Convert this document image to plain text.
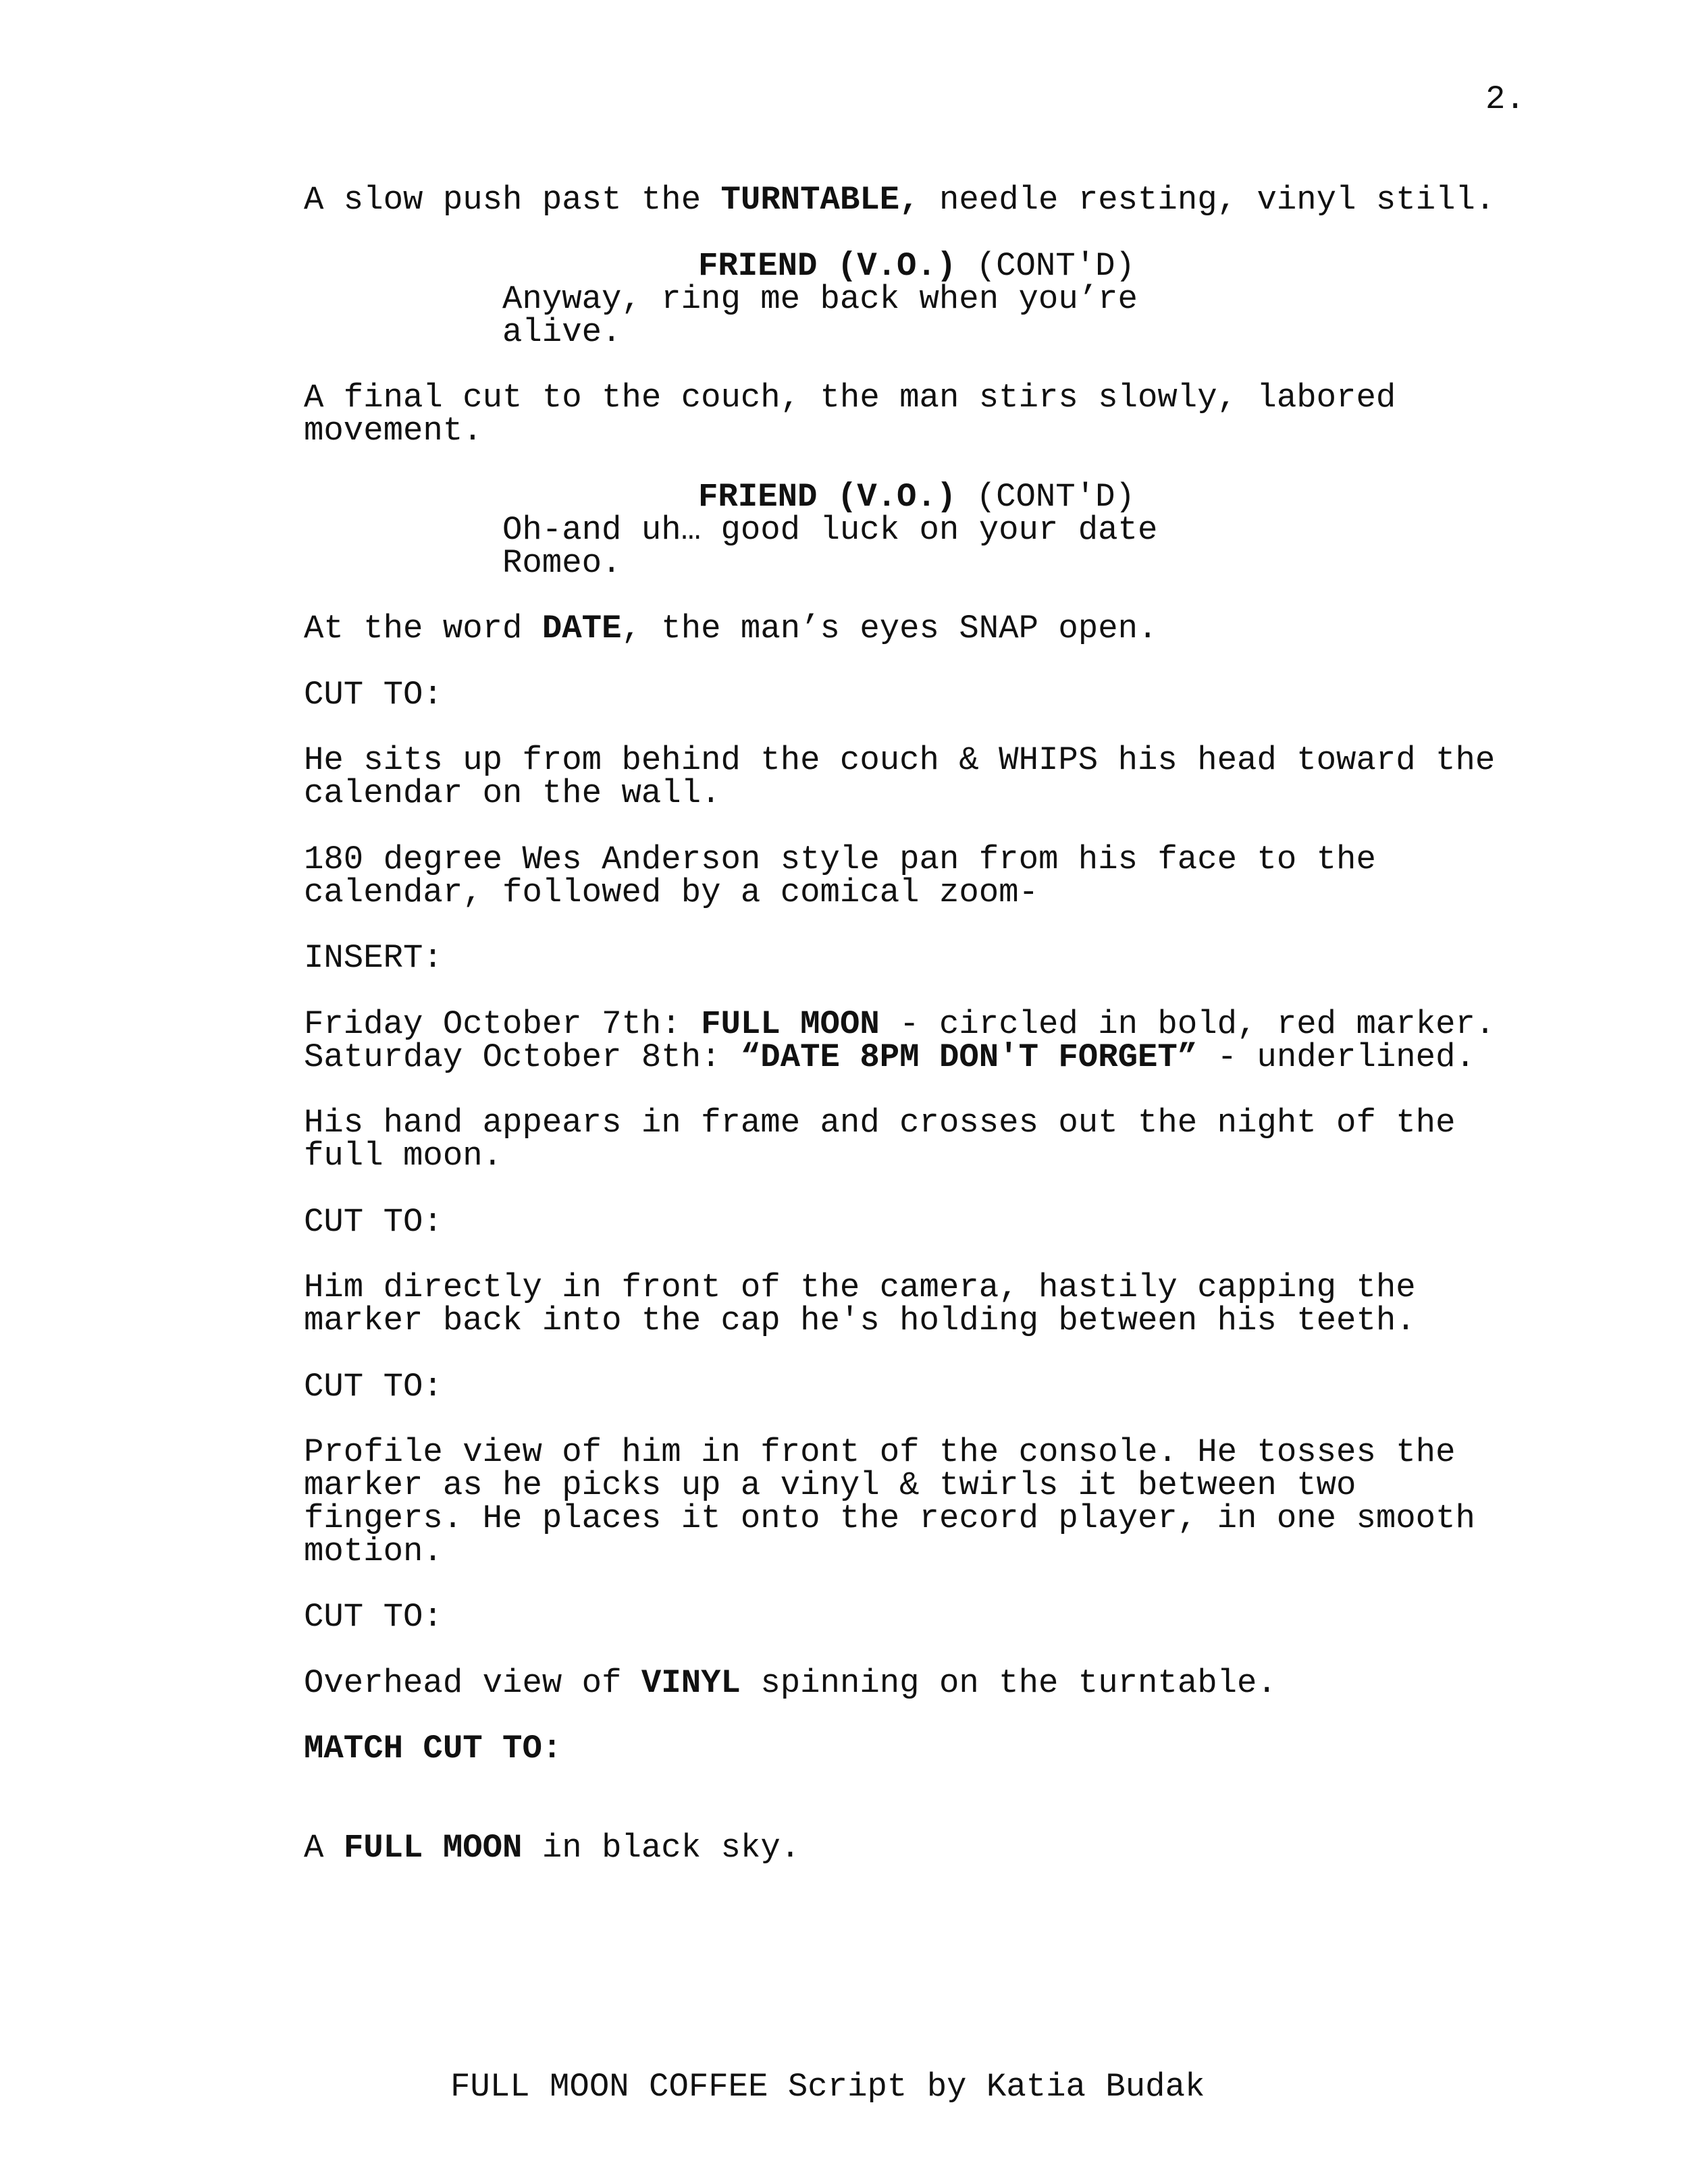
2.
A slow push past the TURNTABLE, needle resting, vinyl still.
FRIEND (V.O.) (CONT'D)
Anyway, ring me back when you’re
alive.
A final cut to the couch, the man stirs slowly, labored
movement.
FRIEND (V.O.) (CONT'D)
Oh-and uh… good luck on your date
Romeo.
At the word DATE, the man’s eyes SNAP open.
CUT TO:
He sits up from behind the couch & WHIPS his head toward the
calendar on the wall.
180 degree Wes Anderson style pan from his face to the
calendar, followed by a comical zoom-
INSERT:
Friday October 7th: FULL MOON - circled in bold, red marker.
Saturday October 8th: “DATE 8PM DON'T FORGET” - underlined.
His hand appears in frame and crosses out the night of the
full moon.
CUT TO:
Him directly in front of the camera, hastily capping the
marker back into the cap he's holding between his teeth.
CUT TO:
Profile view of him in front of the console. He tosses the
marker as he picks up a vinyl & twirls it between two
fingers. He places it onto the record player, in one smooth
motion.
CUT TO:
Overhead view of VINYL spinning on the turntable.
MATCH CUT TO:
A FULL MOON in black sky.
FULL MOON COFFEE Script by Katia Budak
